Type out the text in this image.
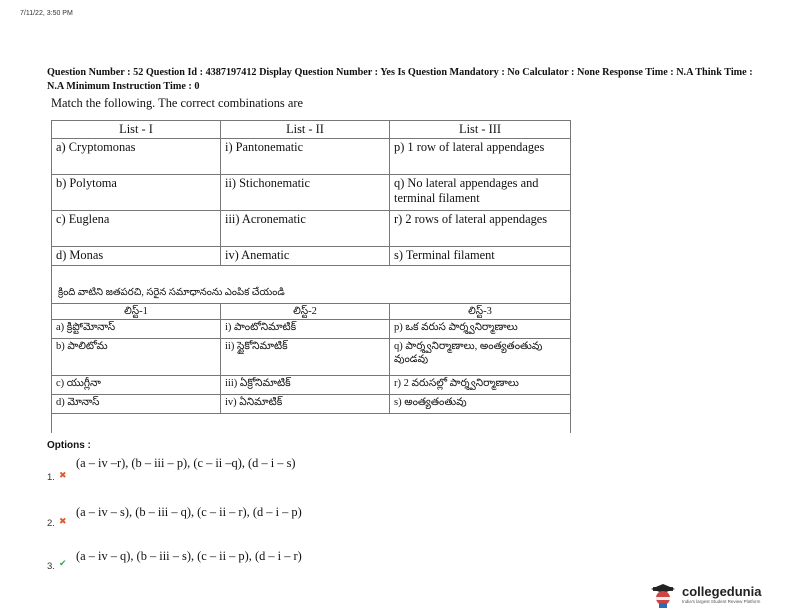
7/11/22, 3:50 PM
Question Number : 52 Question Id : 4387197412 Display Question Number : Yes Is Question Mandatory : No Calculator : None Response Time : N.A Think Time : N.A Minimum Instruction Time : 0
Match the following. The correct combinations are
List - I	List - II	List - III
a) Cryptomonas	i) Pantonematic	p) 1 row of lateral appendages
b) Polytoma	ii) Stichonematic	q) No lateral appendages and terminal filament
c) Euglena	iii) Acronematic	r) 2 rows of lateral appendages
d) Monas	iv) Anematic	s) Terminal filament
క్రింది వాటిని జతపరచి, సరైన సమాధానంను ఎంపిక చేయండి
లిస్ట్-1	లిస్ట్-2	లిస్ట్-3
a) క్రిప్టోమోనాస్	i) పాంటోనిమాటిక్	p) ఒక వరుస పార్శ్వనిర్మాణాలు
b) పాలిటోమ	ii) స్టైకోనిమాటిక్	q) పార్శ్వనిర్మాణాలు, అంత్యతంతువు వుండవు
c) యుగ్లీనా	iii) ఏక్రోనిమాటిక్	r) 2 వరుసల్లో పార్శ్వనిర్మాణాలు
d) మోనాస్	iv) ఏనిమాటిక్	s) అంత్యతంతువు
Options :
1. ✖
(a – iv –r), (b – iii – p), (c – ii –q), (d – i – s)
2. ✖
(a – iv – s), (b – iii – q), (c – ii – r), (d – i – p)
3. ✔
(a – iv – q), (b – iii – s), (c – ii – p), (d – i – r)
collegedunia
India's largest Student Review Platform
